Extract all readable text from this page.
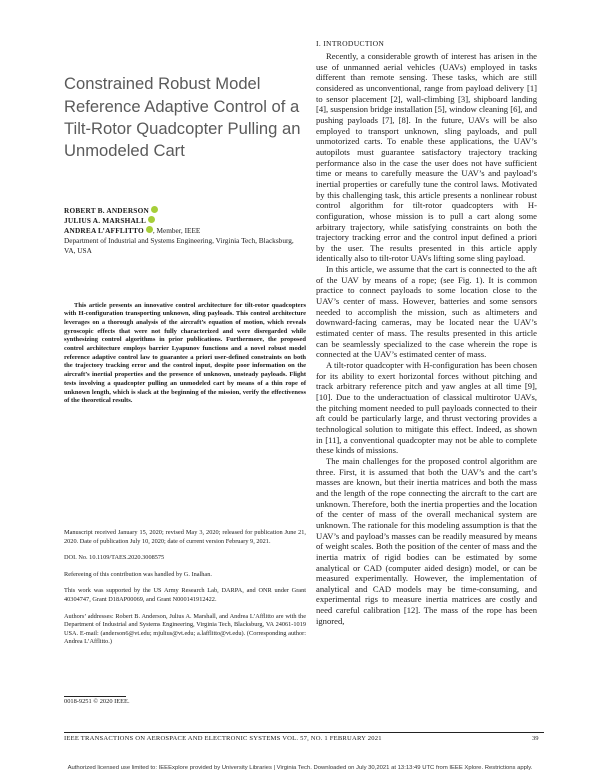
Constrained Robust Model Reference Adaptive Control of a Tilt-Rotor Quadcopter Pulling an Unmodeled Cart
ROBERT B. ANDERSON
JULIUS A. MARSHALL
ANDREA L’AFFLITTO , Member, IEEE
Department of Industrial and Systems Engineering, Virginia Tech, Blacksburg, VA, USA

This article presents an innovative control architecture for tilt-rotor quadcopters with H-configuration transporting unknown, sling payloads. This control architecture leverages on a thorough analysis of the aircraft’s equation of motion, which reveals gyroscopic effects that were not fully characterized and were disregarded while synthesizing control algorithms in prior publications. Furthermore, the proposed control architecture employs barrier Lyapunov functions and a novel robust model reference adaptive control law to guarantee a priori user-defined constraints on both the trajectory tracking error and the control input, despite poor information on the aircraft’s inertial properties and the presence of unknown, unsteady payloads. Flight tests involving a quadcopter pulling an unmodeled cart by means of a thin rope of unknown length, which is slack at the beginning of the mission, verify the effectiveness of the theoretical results.

Manuscript received January 15, 2020; revised May 3, 2020; released for publication June 21, 2020. Date of publication July 10, 2020; date of current version February 9, 2021.

DOI. No. 10.1109/TAES.2020.3008575

Refereeing of this contribution was handled by G. Inalhan.

This work was supported by the US Army Research Lab, DARPA, and ONR under Grant 40304747, Grant D18AP00069, and Grant N000141912422.

Authors’ addresses: Robert B. Anderson, Julius A. Marshall, and Andrea L’Afflitto are with the Department of Industrial and Systems Engineering, Virginia Tech, Blacksburg, VA 24061-1019 USA. E-mail: (anderson6@vt.edu; mjulius@vt.edu; a.lafflitto@vt.edu). (Corresponding author: Andrea L’Afflitto.)

0018-9251 © 2020 IEEE.
I. INTRODUCTION

Recently, a considerable growth of interest has arisen in the use of unmanned aerial vehicles (UAVs) employed in tasks different than remote sensing. These tasks, which are still considered as unconventional, range from payload delivery [1] to sensor placement [2], wall-climbing [3], shipboard landing [4], suspension bridge installation [5], window cleaning [6], and pushing payloads [7], [8]. In the future, UAVs will be also employed to transport unknown, sling payloads, and pull unmotorized carts. To enable these applications, the UAV’s autopilots must guarantee satisfactory trajectory tracking performance also in the case the user does not have sufficient time or means to carefully measure the UAV’s and payload’s inertial properties or carefully tune the control laws. Motivated by this challenging task, this article presents a nonlinear robust control algorithm for tilt-rotor quadcopters with H-configuration, whose mission is to pull a cart along some arbitrary trajectory, while satisfying constraints on both the trajectory tracking error and the control input defined a priori by the user. The results presented in this article apply identically also to tilt-rotor UAVs lifting some sling payload.

In this article, we assume that the cart is connected to the aft of the UAV by means of a rope; (see Fig. 1). It is common practice to connect payloads to some location close to the UAV’s center of mass. However, batteries and some sensors needed to accomplish the mission, such as altimeters and downward-facing cameras, may be located near the UAV’s estimated center of mass. The results presented in this article can be seamlessly specialized to the case wherein the rope is connected at the UAV’s estimated center of mass.

A tilt-rotor quadcopter with H-configuration has been chosen for its ability to exert horizontal forces without pitching and track arbitrary reference pitch and yaw angles at all time [9], [10]. Due to the underactuation of classical multirotor UAVs, the pitching moment needed to pull payloads connected to their aft could be particularly large, and thrust vectoring provides a technological solution to mitigate this effect. Indeed, as shown in [11], a conventional quadcopter may not be able to complete these kinds of missions.

The main challenges for the proposed control algorithm are three. First, it is assumed that both the UAV’s and the cart’s masses are known, but their inertia matrices and both the mass and the length of the rope connecting the aircraft to the cart are unknown. Therefore, both the inertia properties and the location of the center of mass of the overall mechanical system are unknown. The rationale for this modeling assumption is that the UAV’s and payload’s masses can be readily measured by means of weight scales. Both the position of the center of mass and the inertia matrix of rigid bodies can be estimated by some analytical or CAD (computer aided design) model, or can be measured experimentally. However, the implementation of analytical and CAD models may be time-consuming, and experimental rigs to measure inertia matrices are costly and need careful calibration [12]. The mass of the rope has been ignored,

IEEE TRANSACTIONS ON AEROSPACE AND ELECTRONIC SYSTEMS VOL. 57, NO. 1 FEBRUARY 2021	39
Authorized licensed use limited to: IEEExplore provided by University Libraries | Virginia Tech. Downloaded on July 30,2021 at 13:13:49 UTC from IEEE Xplore. Restrictions apply.
